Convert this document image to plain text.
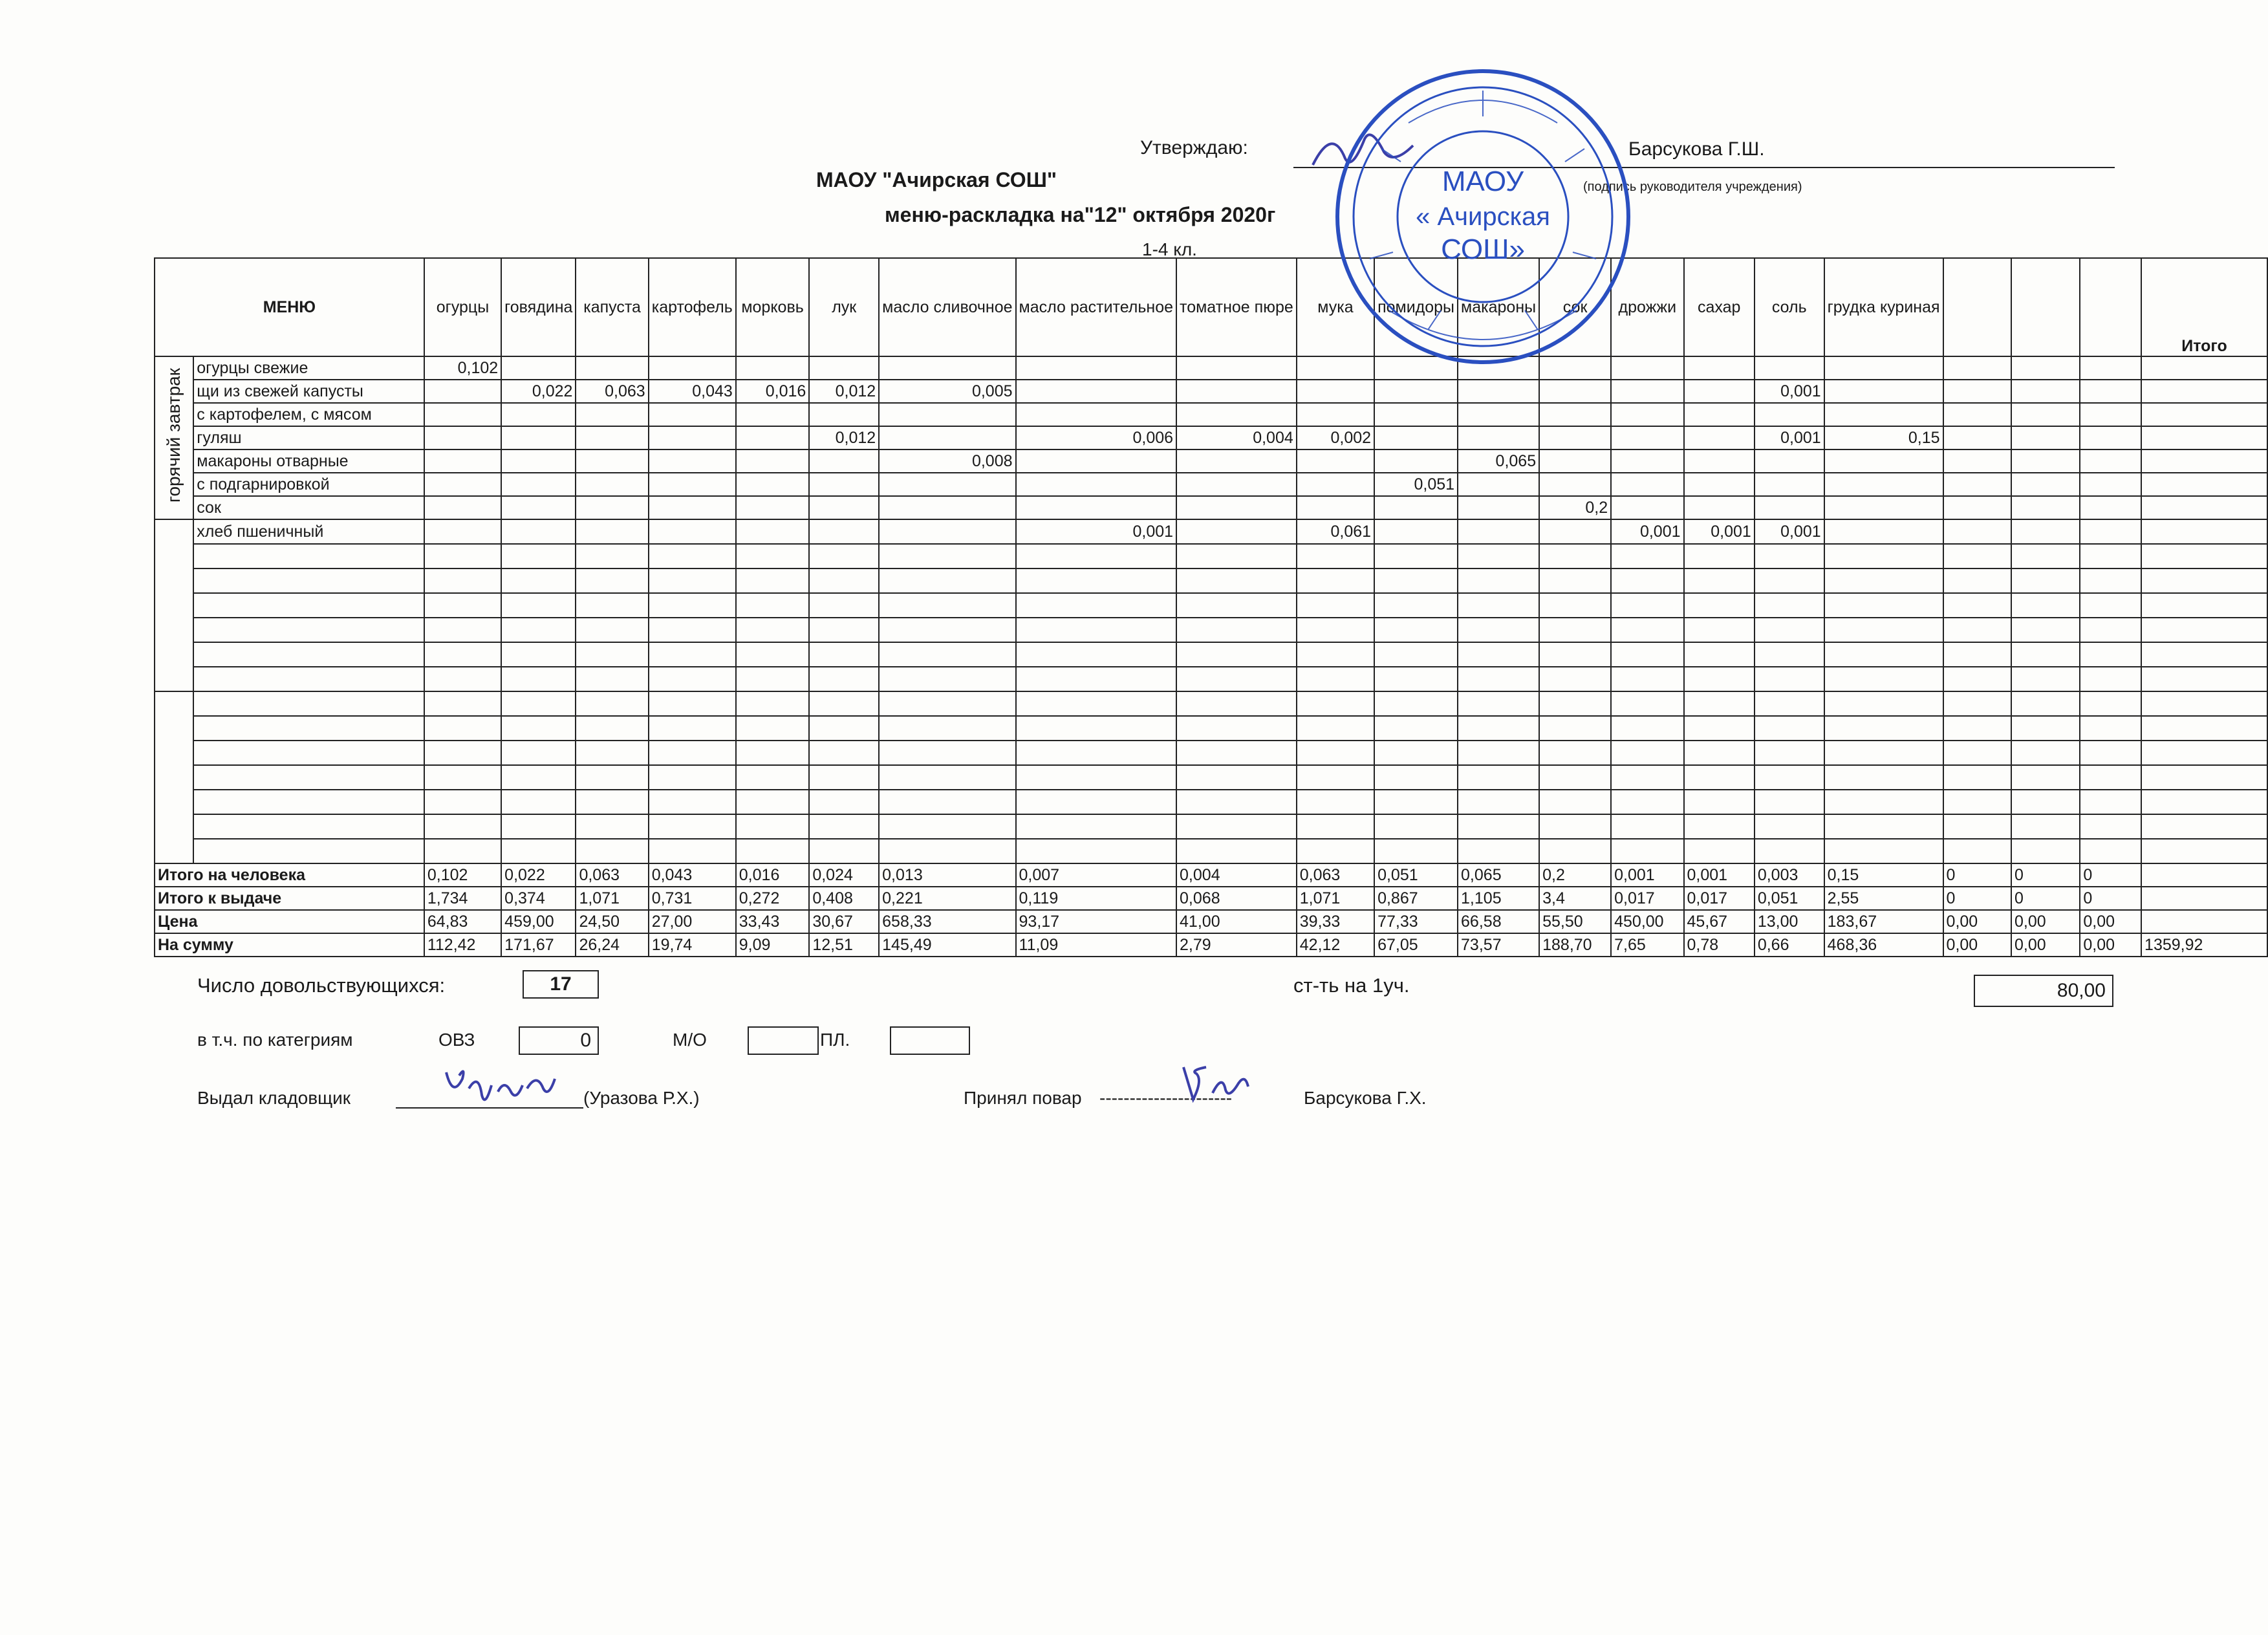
Утверждаю:	Барсукова Г.Ш.
(подпись руководителя учреждения)
МАОУ "Ачирская СОШ"
меню-раскладка на"12" октября 2020г
1-4 кл.
МЕНЮ		огурцы	говядина	капуста	картофель	морковь	лук	масло сливочное	масло растительное	томатное пюре	мука	помидоры	макароны	сок	дрожжи	сахар	соль	грудка куриная				Итого
горячий завтрак	огурцы свежие	0,102																				
	щи из свежей капусты		0,022	0,063	0,043	0,016	0,012	0,005									0,001					
	с картофелем, с мясом																					
	гуляш						0,012		0,006	0,004	0,002						0,001	0,15				
	макароны отварные							0,008					0,065									
	с подгарнировкой											0,051										
	сок													0,2								
	хлеб пшеничный								0,001		0,061				0,001	0,001	0,001					

Итого на человека		0,102	0,022	0,063	0,043	0,016	0,024	0,013	0,007	0,004	0,063	0,051	0,065	0,2	0,001	0,001	0,003	0,15	0	0	0	
Итого к выдаче		1,734	0,374	1,071	0,731	0,272	0,408	0,221	0,119	0,068	1,071	0,867	1,105	3,4	0,017	0,017	0,051	2,55	0	0	0	
Цена		64,83	459,00	24,50	27,00	33,43	30,67	658,33	93,17	41,00	39,33	77,33	66,58	55,50	450,00	45,67	13,00	183,67	0,00	0,00	0,00	
На сумму		112,42	171,67	26,24	19,74	9,09	12,51	145,49	11,09	2,79	42,12	67,05	73,57	188,70	7,65	0,78	0,66	468,36	0,00	0,00	0,00	1359,92
Число довольствующихся:	17	ст-ть на 1уч.	80,00
в т.ч. по категриям	ОВЗ	0	М/О	ПЛ.
Выдал кладовщик	(Уразова Р.Х.)	Принял повар ----------------------	Барсукова Г.Х.
МАОУ
« Ачирская
СОШ»
